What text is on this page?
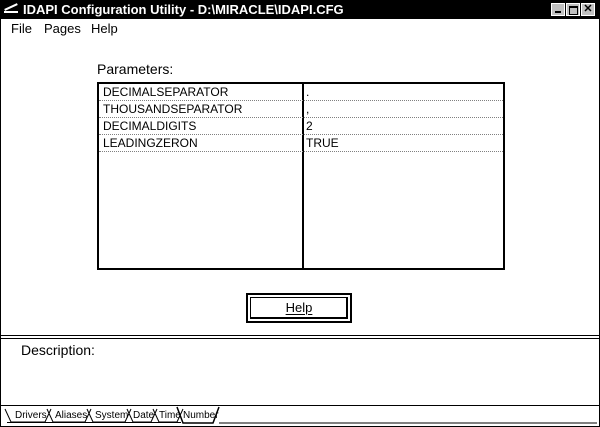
IDAPI Configuration Utility - D:\MIRACLE\IDAPI.CFG	✕
File Pages Help
Parameters:
DECIMALSEPARATOR	.
THOUSANDSEPARATOR	,
DECIMALDIGITS	2
LEADINGZERON	TRUE
Help
Description:
Drivers Aliases System Date Time Number
